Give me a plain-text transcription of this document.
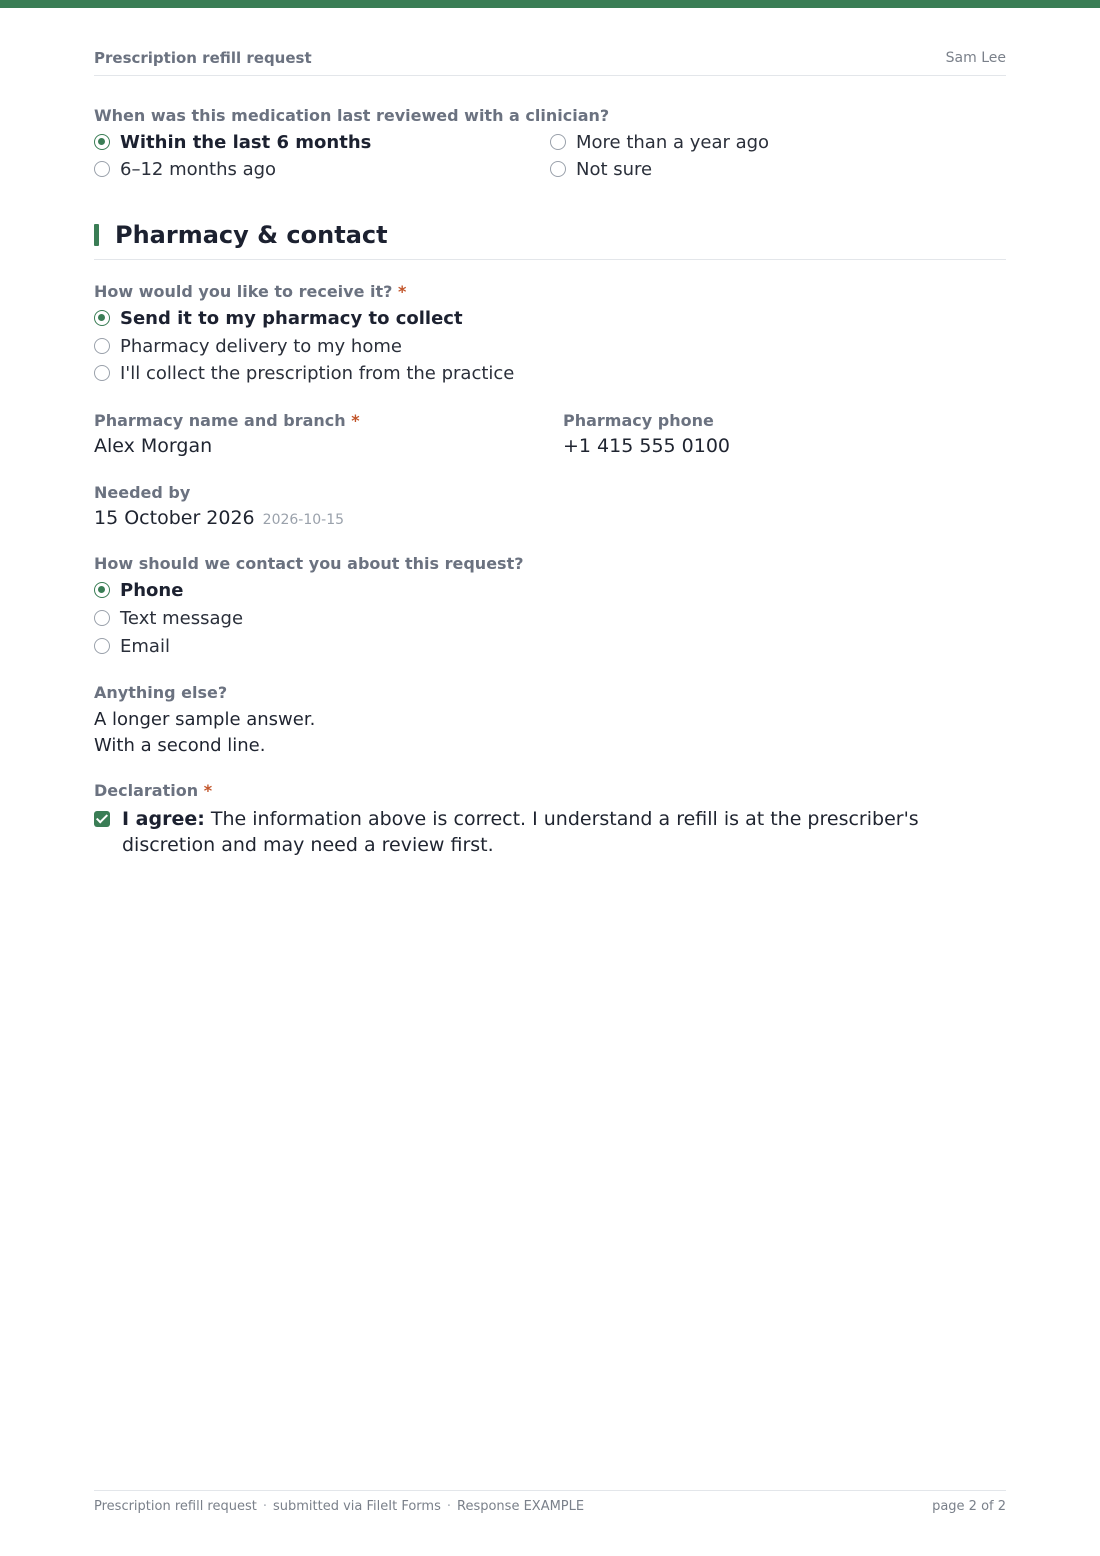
Prescription refill request	Sam Lee
When was this medication last reviewed with a clinician?
Within the last 6 months
6–12 months ago
More than a year ago
Not sure
Pharmacy & contact
How would you like to receive it? *
Send it to my pharmacy to collect
Pharmacy delivery to my home
I'll collect the prescription from the practice
Pharmacy name and branch *
Alex Morgan
Pharmacy phone
+1 415 555 0100
Needed by
15 October 2026 2026-10-15
How should we contact you about this request?
Phone
Text message
Email
Anything else?
A longer sample answer.
With a second line.
Declaration *
I agree: The information above is correct. I understand a refill is at the prescriber's discretion and may need a review first.
Prescription refill request · submitted via FileIt Forms · Response EXAMPLE	page 2 of 2
